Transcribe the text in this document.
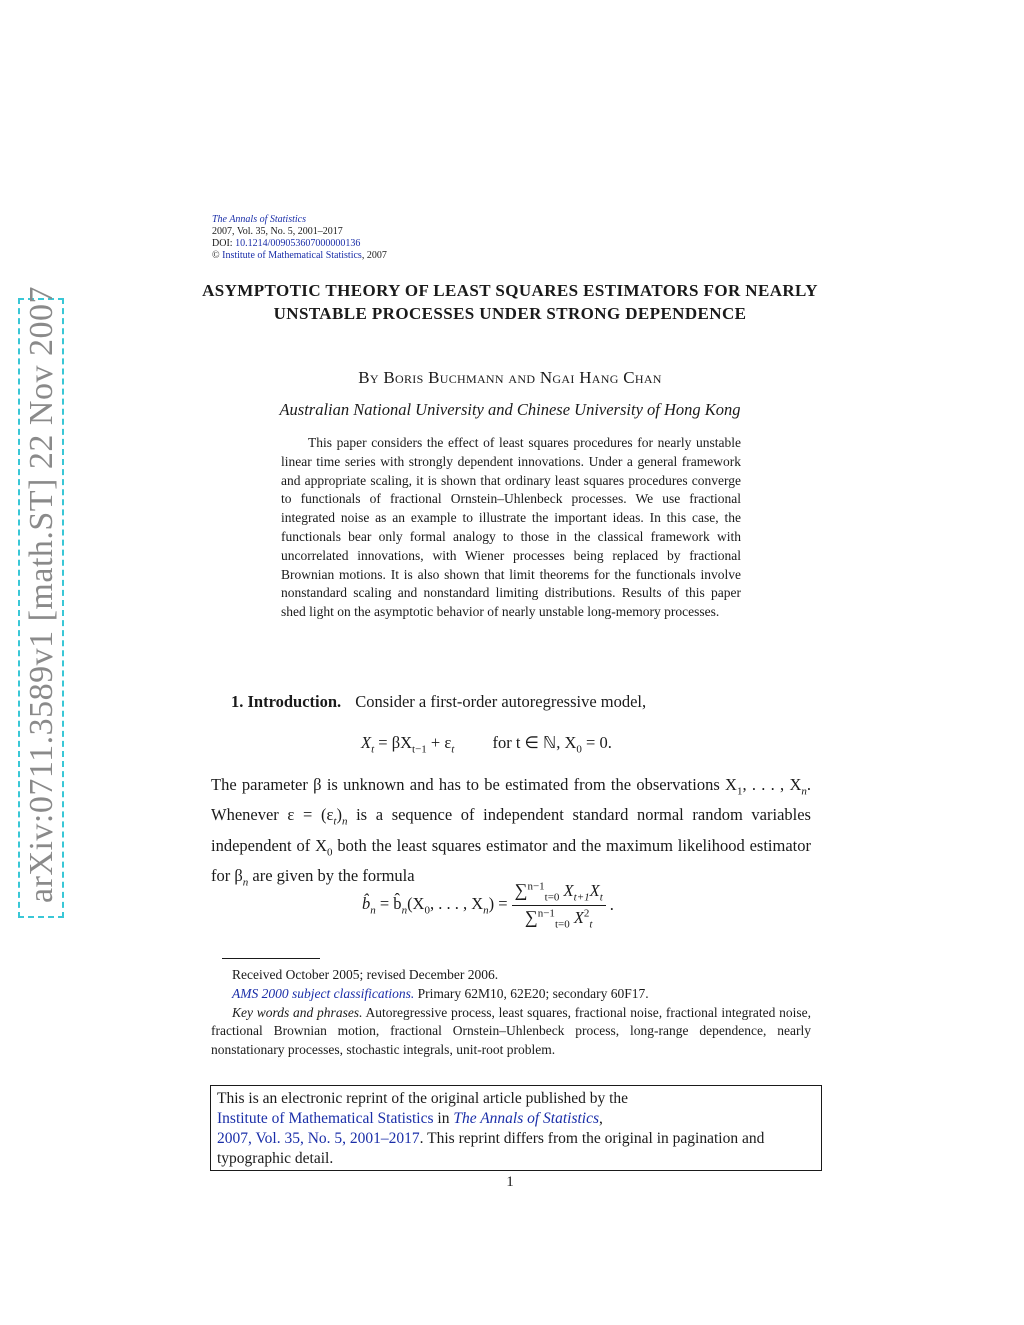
arXiv:0711.3589v1 [math.ST] 22 Nov 2007
The Annals of Statistics
2007, Vol. 35, No. 5, 2001–2017
DOI: 10.1214/009053607000000136
© Institute of Mathematical Statistics, 2007
ASYMPTOTIC THEORY OF LEAST SQUARES ESTIMATORS FOR NEARLY UNSTABLE PROCESSES UNDER STRONG DEPENDENCE
By Boris Buchmann and Ngai Hang Chan
Australian National University and Chinese University of Hong Kong
This paper considers the effect of least squares procedures for nearly unstable linear time series with strongly dependent innovations. Under a general framework and appropriate scaling, it is shown that ordinary least squares procedures converge to functionals of fractional Ornstein–Uhlenbeck processes. We use fractional integrated noise as an example to illustrate the important ideas. In this case, the functionals bear only formal analogy to those in the classical framework with uncorrelated innovations, with Wiener processes being replaced by fractional Brownian motions. It is also shown that limit theorems for the functionals involve nonstandard scaling and nonstandard limiting distributions. Results of this paper shed light on the asymptotic behavior of nearly unstable long-memory processes.
1. Introduction. Consider a first-order autoregressive model,
$X_t = \beta X_{t-1} + \varepsilon_t$ for t ∈ ℕ, $X_0 = 0$.
The parameter β is unknown and has to be estimated from the observations $X_1$, . . . , $X_n$. Whenever $\varepsilon = (\varepsilon_t)_n$ is a sequence of independent standard normal random variables independent of $X_0$ both the least squares estimator and the maximum likelihood estimator for $\beta_n$ are given by the formula
$b̂_n$ = $b̂_n(X_0$, . . . , $X_n) = \frac{\sum^{n-1}_{t=0} X_{t+1}X_t}{\sum^{n-1}_{t=0} X^2_t}$ .

Received October 2005; revised December 2006.

AMS 2000 subject classifications. Primary 62M10, 62E20; secondary 60F17.

Key words and phrases. Autoregressive process, least squares, fractional noise, fractional integrated noise, fractional Brownian motion, fractional Ornstein–Uhlenbeck process, long-range dependence, nearly nonstationary processes, stochastic integrals, unit-root problem.

This is an electronic reprint of the original article published by the
Institute of Mathematical Statistics in The Annals of Statistics,
2007, Vol. 35, No. 5, 2001–2017. This reprint differs from the original in pagination and typographic detail.
1
